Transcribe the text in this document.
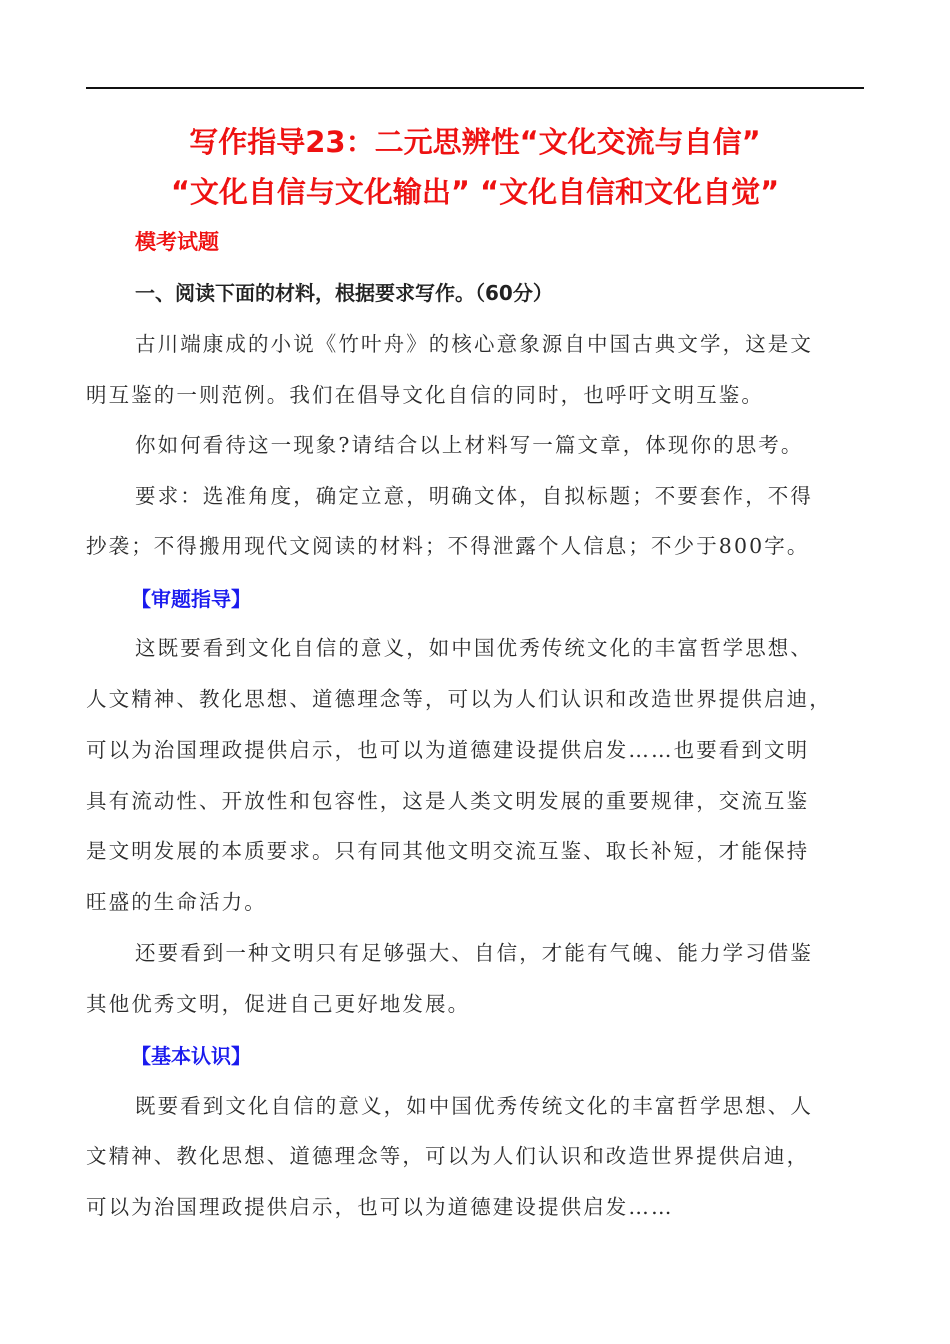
写作指导23：二元思辨性“文化交流与自信”
“文化自信与文化输出” “文化自信和文化自觉”
模考试题
一、阅读下面的材料，根据要求写作。（60分）
古川端康成的小说《竹叶舟》的核心意象源自中国古典文学，这是文
明互鉴的一则范例。我们在倡导文化自信的同时，也呼吁文明互鉴。
你如何看待这一现象?请结合以上材料写一篇文章，体现你的思考。
要求：选准角度，确定立意，明确文体，自拟标题；不要套作，不得
抄袭；不得搬用现代文阅读的材料；不得泄露个人信息；不少于800字。
【审题指导】
这既要看到文化自信的意义，如中国优秀传统文化的丰富哲学思想、
人文精神、教化思想、道德理念等，可以为人们认识和改造世界提供启迪，
可以为治国理政提供启示，也可以为道德建设提供启发……也要看到文明
具有流动性、开放性和包容性，这是人类文明发展的重要规律，交流互鉴
是文明发展的本质要求。只有同其他文明交流互鉴、取长补短，才能保持
旺盛的生命活力。
还要看到一种文明只有足够强大、自信，才能有气魄、能力学习借鉴
其他优秀文明，促进自己更好地发展。
【基本认识】
既要看到文化自信的意义，如中国优秀传统文化的丰富哲学思想、人
文精神、教化思想、道德理念等，可以为人们认识和改造世界提供启迪，
可以为治国理政提供启示，也可以为道德建设提供启发……
